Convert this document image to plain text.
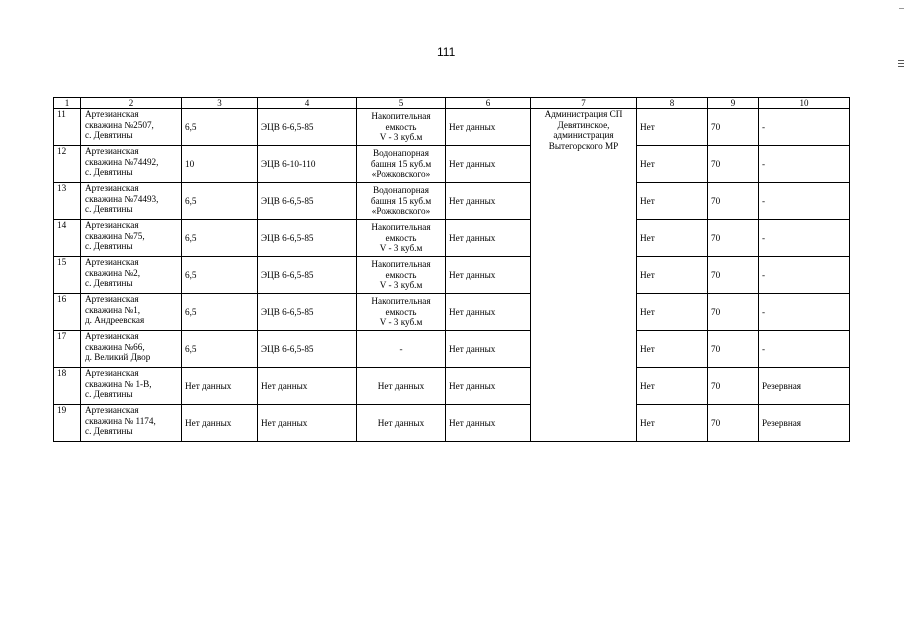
111
1	2	3	4	5	6	7	8	9	10
11	Артезианская
скважина №2507,
с. Девятины	6,5	ЭЦВ 6-6,5-85	Накопительная
емкость
V - 3 куб.м	Нет данных	Администрация СП
Девятинское,
администрация
Вытегорского МР	Нет	70	-
12	Артезианская
скважина №74492,
с. Девятины	10	ЭЦВ 6-10-110	Водонапорная
башня 15 куб.м
«Рожковского»	Нет данных		Нет	70	-
13	Артезианская
скважина №74493,
с. Девятины	6,5	ЭЦВ 6-6,5-85	Водонапорная
башня 15 куб.м
«Рожковского»	Нет данных		Нет	70	-
14	Артезианская
скважина №75,
с. Девятины	6,5	ЭЦВ 6-6,5-85	Накопительная
емкость
V - 3 куб.м	Нет данных		Нет	70	-
15	Артезианская
скважина №2,
с. Девятины	6,5	ЭЦВ 6-6,5-85	Накопительная
емкость
V - 3 куб.м	Нет данных		Нет	70	-
16	Артезианская
скважина №1,
д. Андреевская	6,5	ЭЦВ 6-6,5-85	Накопительная
емкость
V - 3 куб.м	Нет данных		Нет	70	-
17	Артезианская
скважина №66,
д. Великий Двор	6,5	ЭЦВ 6-6,5-85	-	Нет данных		Нет	70	-
18	Артезианская
скважина № 1-В,
с. Девятины	Нет данных	Нет данных	Нет данных	Нет данных		Нет	70	Резервная
19	Артезианская
скважина № 1174,
с. Девятины	Нет данных	Нет данных	Нет данных	Нет данных		Нет	70	Резервная
